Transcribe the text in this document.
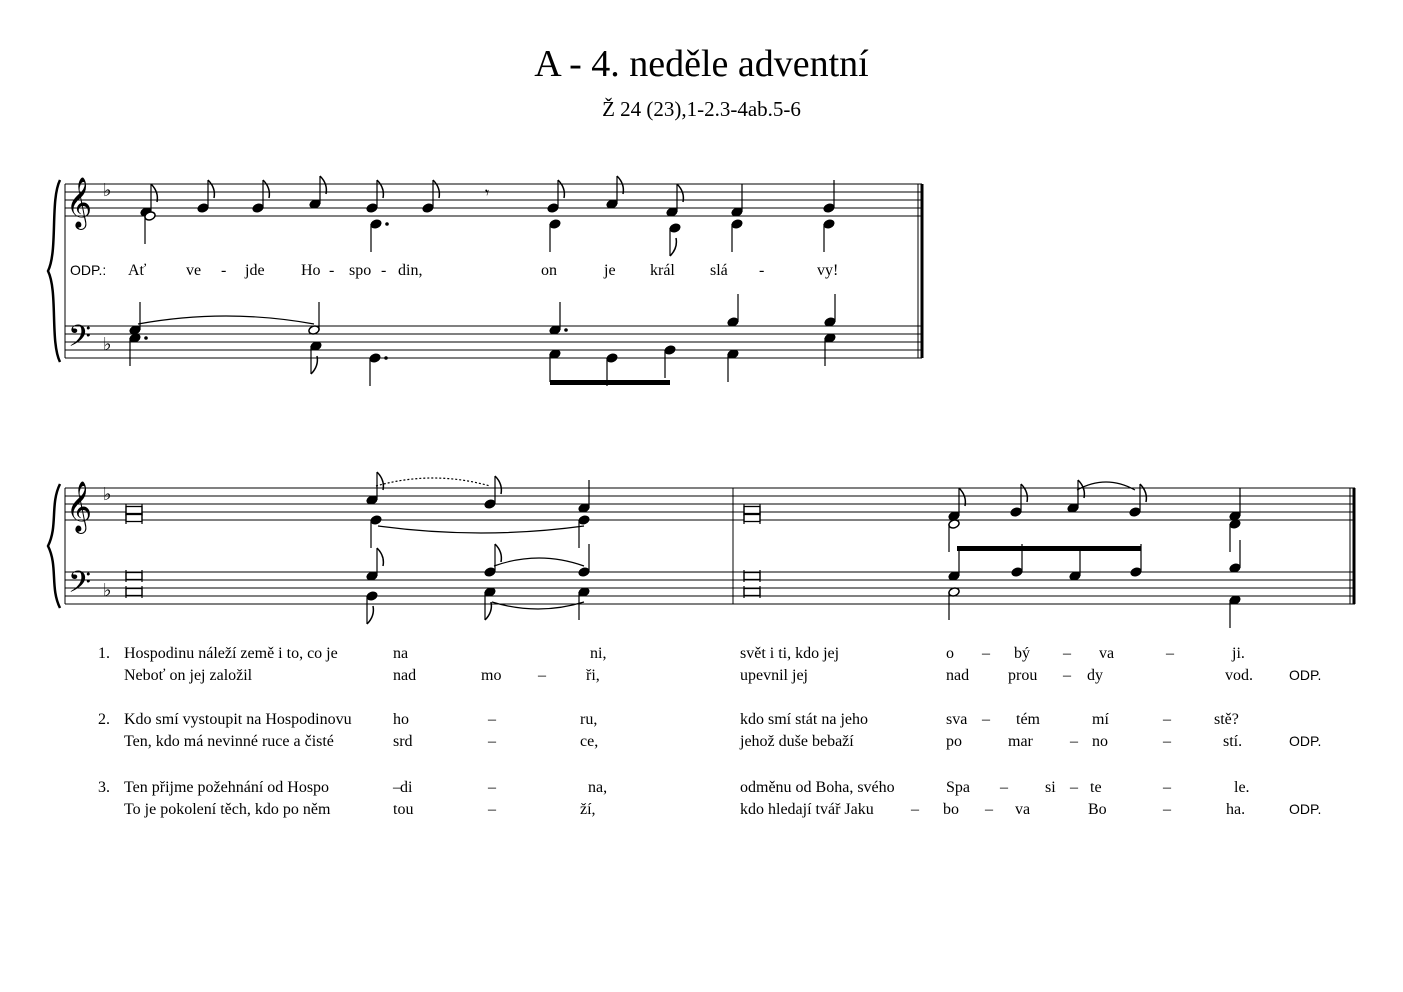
A - 4. neděle adventní
Ž 24 (23),1-2.3-4ab.5-6
𝄞
𝄢
♭
♭
𝄾
𝄞
𝄢
♭
♭
ODP.: Ať ve - jde Ho - spo - din,	on	je král slá -	vy!
1. Hospodinu náleží země i to, co je	na	ni,	svět i ti, kdo jej	o – bý – va	–	ji.
Neboť on jej založil	nad	mo –	ři,	upevnil jej	nad prou – dy	vod.	ODP.
2. Kdo smí vystoupit na Hospodinovu	ho	–	ru,	kdo smí stát na jeho	sva – tém	mí	–	stě?
Ten, kdo má nevinné ruce a čisté	srd	–	ce,	jehož duše bebaží	po	mar – no	–	stí.	ODP.
3. Ten přijme požehnání od Hospo	– di	–	na,	odměnu od Boha, svého	Spa – si – te	–	le.
To je pokolení těch, kdo po něm	tou	–	ží,	kdo hledají tvář Jaku – bo – va	Bo	–	ha.	ODP.
